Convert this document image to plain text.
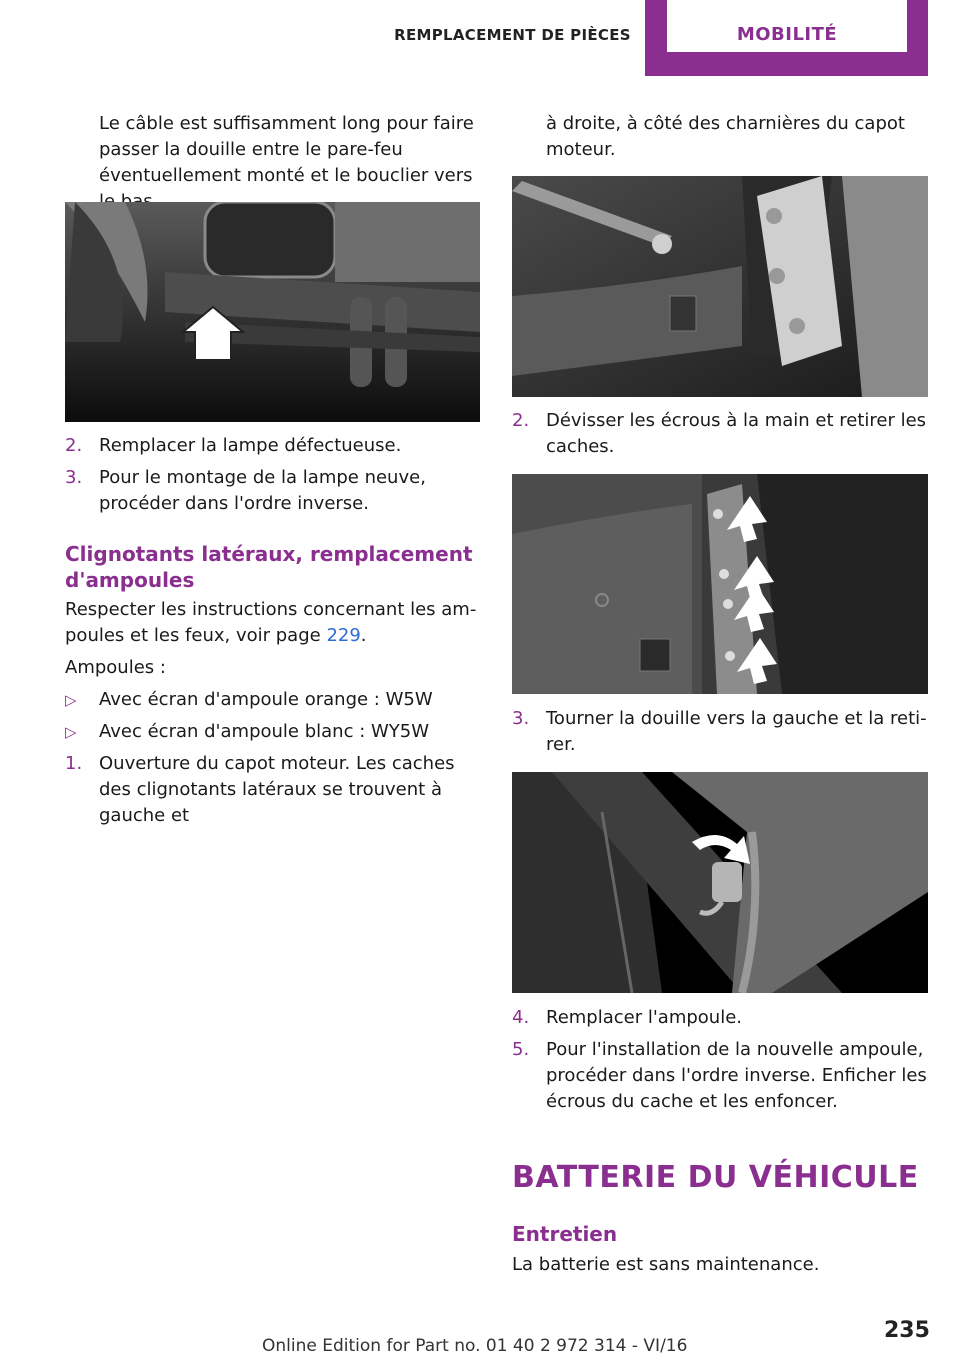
REMPLACEMENT DE PIÈCES	MOBILITÉ

Le câble est suffisamment long pour faire passer la douille entre le pare-feu éventuellement monté et le bouclier vers

2. Remplacer la lampe défectueuse.
3. Pour le montage de la lampe neuve, procéder dans l'ordre inverse.
Clignotants latéraux, remplacement d'ampoules

Respecter les instructions concernant les ampoules et les feux, voir page 229.

Ampoules :

▷ Avec écran d'ampoule orange : W5W
▷ Avec écran d'ampoule blanc : WY5W
1. Ouverture du capot moteur. Les caches des clignotants latéraux se trouvent à gauche et

à droite, à côté des charnières du capot moteur.

2. Dévisser les écrous à la main et retirer les caches.
3. Tourner la douille vers la gauche et la retirer.
4. Remplacer l'ampoule.
5. Pour l'installation de la nouvelle ampoule, procéder dans l'ordre inverse. Enficher les écrous du cache et les enfoncer.
BATTERIE DU VÉHICULE
Entretien

La batterie est sans maintenance.

235
Online Edition for Part no. 01 40 2 972 314 - VI/16
